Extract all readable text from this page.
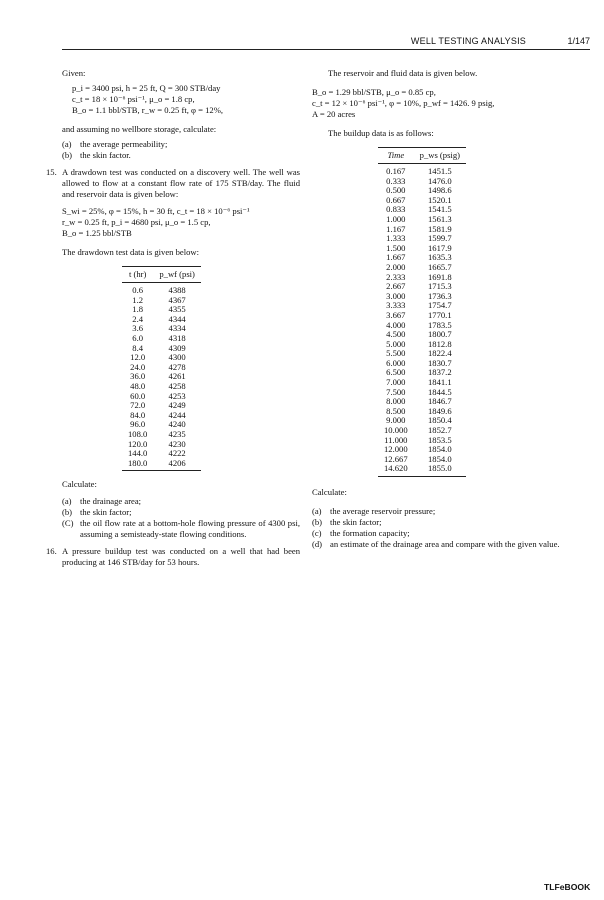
WELL TESTING ANALYSIS	1/147

Given:

p_i = 3400 psi, h = 25 ft, Q = 300 STB/day

c_t = 18 × 10⁻⁶ psi⁻¹, μ_o = 1.8 cp,

B_o = 1.1 bbl/STB, r_w = 0.25 ft, φ = 12%,

and assuming no wellbore storage, calculate:

(a) the average permeability;
(b) the skin factor.
15. A drawdown test was conducted on a discovery well. The well was allowed to flow at a constant flow rate of 175 STB/day. The fluid and reservoir data is given below:

S_wi = 25%, φ = 15%, h = 30 ft, c_t = 18 × 10⁻⁶ psi⁻¹

r_w = 0.25 ft, p_i = 4680 psi, μ_o = 1.5 cp,

B_o = 1.25 bbl/STB

The drawdown test data is given below:

t (hr)	p_wf (psi)
0.6	4388
1.2	4367
1.8	4355
2.4	4344
3.6	4334
6.0	4318
8.4	4309
12.0	4300
24.0	4278
36.0	4261
48.0	4258
60.0	4253
72.0	4249
84.0	4244
96.0	4240
108.0	4235
120.0	4230
144.0	4222
180.0	4206

Calculate:

(a) the drainage area;
(b) the skin factor;
(C) the oil flow rate at a bottom-hole flowing pressure of 4300 psi, assuming a semisteady-state flowing conditions.
16. A pressure buildup test was conducted on a well that had been producing at 146 STB/day for 53 hours.

The reservoir and fluid data is given below.

B_o = 1.29 bbl/STB, μ_o = 0.85 cp,

c_t = 12 × 10⁻⁶ psi⁻¹, φ = 10%, p_wf = 1426. 9 psig,

A = 20 acres

The buildup data is as follows:

Time	p_ws (psig)
0.167	1451.5
0.333	1476.0
0.500	1498.6
0.667	1520.1
0.833	1541.5
1.000	1561.3
1.167	1581.9
1.333	1599.7
1.500	1617.9
1.667	1635.3
2.000	1665.7
2.333	1691.8
2.667	1715.3
3.000	1736.3
3.333	1754.7
3.667	1770.1
4.000	1783.5
4.500	1800.7
5.000	1812.8
5.500	1822.4
6.000	1830.7
6.500	1837.2
7.000	1841.1
7.500	1844.5
8.000	1846.7
8.500	1849.6
9.000	1850.4
10.000	1852.7
11.000	1853.5
12.000	1854.0
12.667	1854.0
14.620	1855.0

Calculate:

(a) the average reservoir pressure;
(b) the skin factor;
(c) the formation capacity;
(d) an estimate of the drainage area and compare with the given value.
TLFeBOOK
